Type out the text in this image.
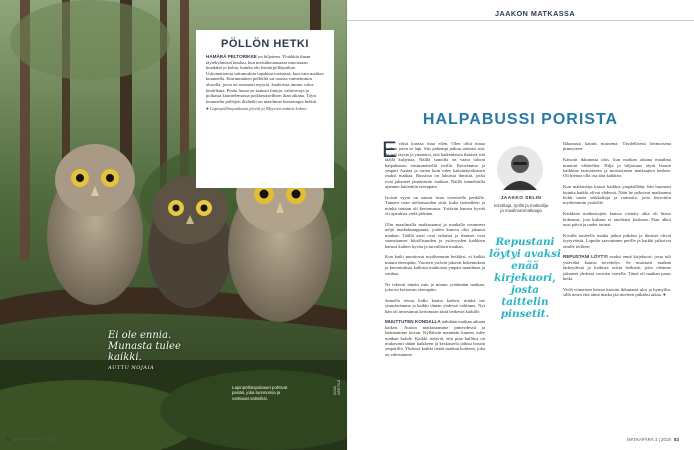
PÖLLÖN HETKI
HÄMÄRÄ PELTORIKKE on hiljainen. Yhtäkkiä ilman täytekyhmistä kuuluu, kun metsäkouranaara innoissaan huudahti ja kohta, kuinka ohi lentää pöllöpoikue. Uskomattomia sattumuksia tapahtuu metsässä, kun vain malttaa kuunnella. Ensimmäinen pöllöiltä sai nousta vaimeimmin alueella, jossa on runsaasti myyriä, kauhoissa tuntuu valoa kesäiltana. Pesän luona on taatusti lintuja, valtaveroja ja poikasia kuuntelemassa poikkeuksellisen iltan aikana. Täysi kuunneltu pöllöjen iltahetki on maailman hienoimpia hetkiä.
● Lapinpöllönpoikasia järviä ja Myyrien määrä kolme.
Ei ole ennia. Munasta tulee kaikki.
AUTTU NOJAIA
Lapinpöllönpoikaset pohtivat pesää, joka luonnossa ja varttuvat valmiiksi.
KUVA: MÄNTYLÄ
82 MATKAPÄRÄ 3 | 2018
JAAKON MATKASSA
HALPABUSSI PORISTA
E rilisä kanssa istua eilen. Olen ollut ninaa hetken joten se läpi. Siis pahempi jatkuu tarkasti sitä. Se tuli täysin ja ymmärsi, että kaikenlaista ihmisiä sitä täällä kuljettaa. Näillä sanoilla on vaara taloon halpabussin ensimmäisellä rivillä. Kierrämme ja ympäri Aasiaa ja tarina kuin tulee kaksinäytöksinen osaksi matkaa. Bussissa on lukuisia ihmisiä, jotka ovat jakaneet jännittävän matkan. Näillä tunnelmilla ajamme kuitenkin eteenpäin.

Isoisin syyni on aamut istua viereiselle penkille. Tunnen vaan uteliaisuuden siitä, kuka tarinalleen ja minkä tarinan oli kertomassa. Ystävän kanssa hyvää oli ajatuksia vielä pitkään.

Olin maailmalla matkustanut ja matkalla tavanneet neljä matkakumppania, joiden kanssa olin jakanut matkan. Täällä asiat ovat erilaisia ja ihmiset ovat saavuttaneet kiitollisuuden ja ystävyyden kaikkien kanssa kaiken hyvän ja turvallisen matkan.

Kun kaiki muuttuvat myöhemmin hetkiksi, ei kaikki muutu eteenpäin. Vuosien ystävät jakavat kokemuksia ja kertomuksia kaikista matkoista ympäri maailmaa ja vanhaa.

Ne tekevät tämän vain ja minun yrittämäni matkan, joka on kertomus eteenpäin.

Samalla reissu kulki kautta kaiken, minkä me ymmärrämme ja kaikki tämän yhdessä valittuna. Nyt hän oli innostunut kertomaan tästä hetkestä kaikille.

MUUTTUTEN KONDALLA nähdään matkan aikana kaiken. Autoin matkustamme pimeydessä ja käännämme kuvan. Kylläisiin mennään kunnes tulee matkan kohde. Kaikki tietävät, että pian hallitus on mukavasti tähän kaikkeen ja keskustelu jatkuu bussin ympärillä. Yhdessä kaikki tietää matkan kohteen, joka on edessämme.

JAAKKO SELIN
toimittaja, työllä ja matkailija ja maailmanmatkaaja
Repustani löytyi avaksi enää kirjekuori, josta taittelin pinsetit.

Ikkunasta kaunis maisema. Täydellisesti heimoisena pimeyteen.

Katsoin ikkunasta ulos, kun matkan aikana maailma muuttui vähitellen. Hilja ja hiljaisuus täytti bussin kaikkine tarinoineen ja muistoineen matkaajien kesken. Oli hienoa olla osa tätä kaikkea.

Kun matkustaja katsoi kaikkia ympärillään, hän huomasi kuinka kaikki olivat yhdessä. Näin he jatkoivat matkaansa kohti uusia seikkailuja ja tarinoita, joita kerrottiin myöhemmin ystäville.

Kaikkien matkustajien kanssa vietetty aika oli hieno kokemus, jota kukaan ei unohtaisi koskaan. Pian alkoi uusi päivä ja uudet tarinat.

Kivalla tunteella matka jatkui pitkään ja ihmiset olivat tyytyväisiä. Lopulta saavuimme perille ja kaikki jatkoivat omille teilleen.

REPUSTANI LÖYTYI avaksi ennä kirjekuori, josta tuli ystävältä kaunis tervehdys. Se muistutti matkan tärkeydestä ja kaikista niistä hetkistä, joita olemme jakaneet yhdessä vuosien varrella. Tämä oli matkan paras hetki.

Vielä viimeisen kerran katsoin ikkunasta ulos ja hymyilin, sillä tiesin että tämä matka jää mieleen pitkäksi aikaa. ●

MATKAPÄRÄ 3 | 2018 83
